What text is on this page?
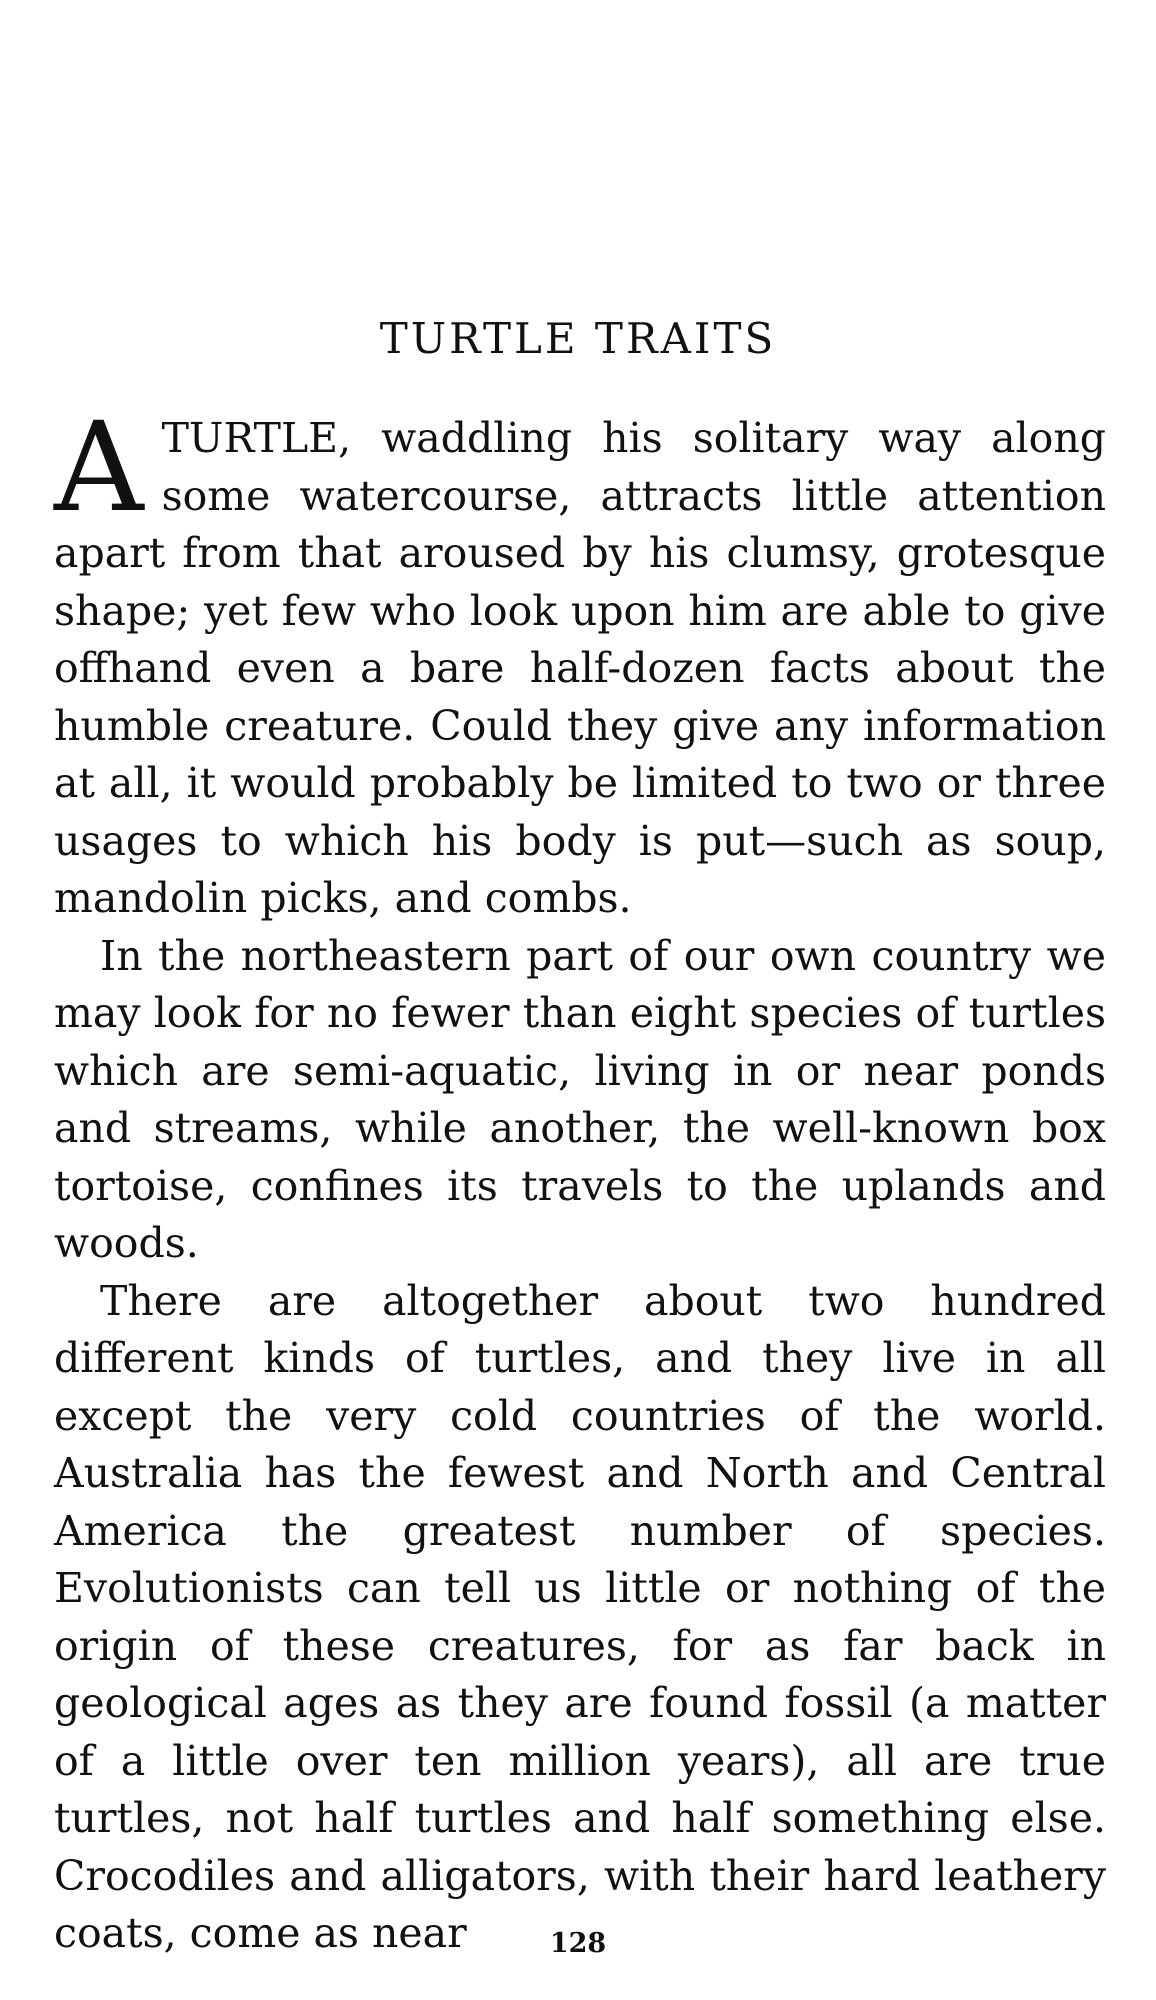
TURTLE TRAITS

ATURTLE, waddling his solitary way along some watercourse, attracts little attention apart from that aroused by his clumsy, grotesque shape; yet few who look upon him are able to give offhand even a bare half-dozen facts about the humble creature. Could they give any information at all, it would probably be limited to two or three usages to which his body is put—such as soup, mandolin picks, and combs.

In the northeastern part of our own country we may look for no fewer than eight species of turtles which are semi-aquatic, living in or near ponds and streams, while another, the well-known box tortoise, confines its travels to the uplands and woods.

There are altogether about two hundred different kinds of turtles, and they live in all except the very cold countries of the world. Australia has the fewest and North and Central America the greatest number of species. Evolutionists can tell us little or nothing of the origin of these creatures, for as far back in geological ages as they are found fossil (a matter of a little over ten million years), all are true turtles, not half turtles and half something else. Crocodiles and alligators, with their hard leathery coats, come as near	128
